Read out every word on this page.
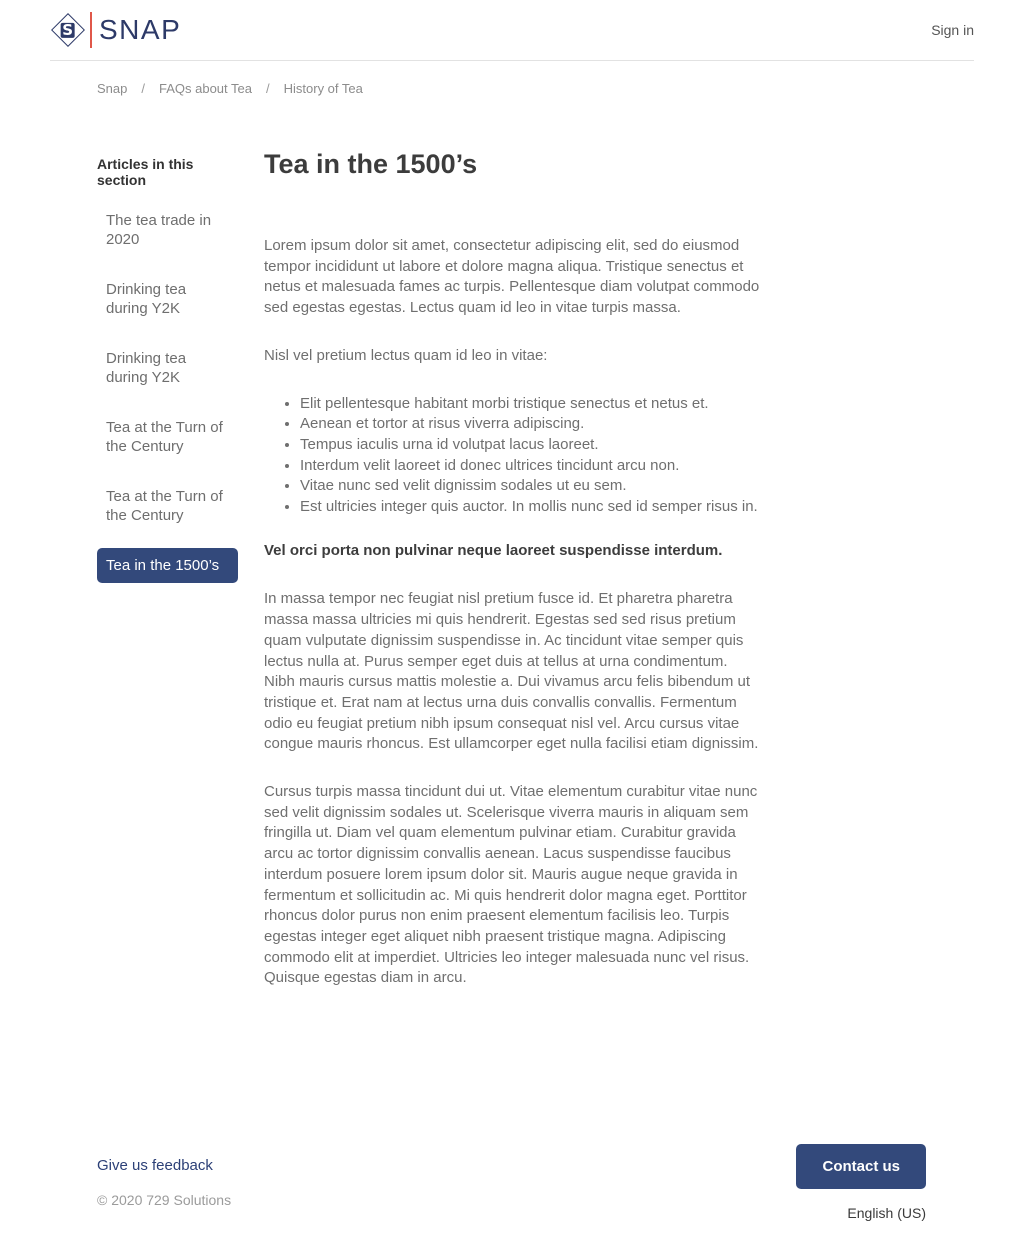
S SNAP	Sign in
Snap / FAQs about Tea / History of Tea
Articles in this section
The tea trade in 2020
Drinking tea during Y2K
Drinking tea during Y2K
Tea at the Turn of the Century
Tea at the Turn of the Century
Tea in the 1500’s
Tea in the 1500’s

Lorem ipsum dolor sit amet, consectetur adipiscing elit, sed do eiusmod tempor incididunt ut labore et dolore magna aliqua. Tristique senectus et netus et malesuada fames ac turpis. Pellentesque diam volutpat commodo sed egestas egestas. Lectus quam id leo in vitae turpis massa.

Nisl vel pretium lectus quam id leo in vitae:

• Elit pellentesque habitant morbi tristique senectus et netus et.
• Aenean et tortor at risus viverra adipiscing.
• Tempus iaculis urna id volutpat lacus laoreet.
• Interdum velit laoreet id donec ultrices tincidunt arcu non.
• Vitae nunc sed velit dignissim sodales ut eu sem.
• Est ultricies integer quis auctor. In mollis nunc sed id semper risus in.

Vel orci porta non pulvinar neque laoreet suspendisse interdum.

In massa tempor nec feugiat nisl pretium fusce id. Et pharetra pharetra massa massa ultricies mi quis hendrerit. Egestas sed sed risus pretium quam vulputate dignissim suspendisse in. Ac tincidunt vitae semper quis lectus nulla at. Purus semper eget duis at tellus at urna condimentum. Nibh mauris cursus mattis molestie a. Dui vivamus arcu felis bibendum ut tristique et. Erat nam at lectus urna duis convallis convallis. Fermentum odio eu feugiat pretium nibh ipsum consequat nisl vel. Arcu cursus vitae congue mauris rhoncus. Est ullamcorper eget nulla facilisi etiam dignissim.

Cursus turpis massa tincidunt dui ut. Vitae elementum curabitur vitae nunc sed velit dignissim sodales ut. Scelerisque viverra mauris in aliquam sem fringilla ut. Diam vel quam elementum pulvinar etiam. Curabitur gravida arcu ac tortor dignissim convallis aenean. Lacus suspendisse faucibus interdum posuere lorem ipsum dolor sit. Mauris augue neque gravida in fermentum et sollicitudin ac. Mi quis hendrerit dolor magna eget. Porttitor rhoncus dolor purus non enim praesent elementum facilisis leo. Turpis egestas integer eget aliquet nibh praesent tristique magna. Adipiscing commodo elit at imperdiet. Ultricies leo integer malesuada nunc vel risus. Quisque egestas diam in arcu.

Give us feedback
© 2020 729 Solutions
Contact us
English (US)
